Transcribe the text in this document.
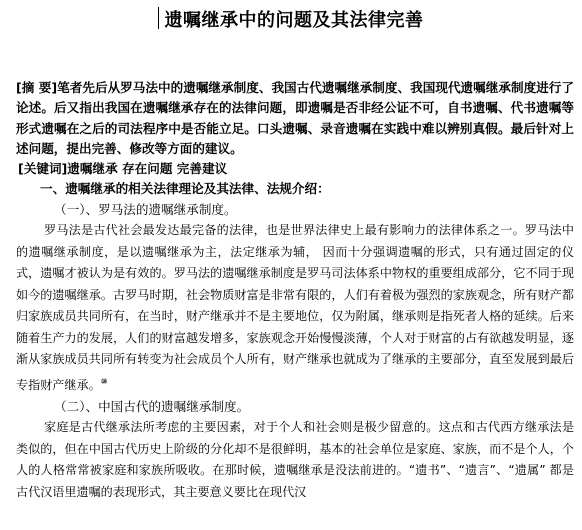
遗嘱继承中的问题及其法律完善

[摘 要]笔者先后从罗马法中的遗嘱继承制度、我国古代遗嘱继承制度、我国现代遗嘱继承制度进行了论述。后又指出我国在遗嘱继承存在的法律问题，即遗嘱是否非经公证不可，自书遗嘱、代书遗嘱等形式遗嘱在之后的司法程序中是否能立足。口头遗嘱、录音遗嘱在实践中难以辨别真假。最后针对上述问题，提出完善、修改等方面的建议。

[关键词]遗嘱继承 存在问题 完善建议

一、遗嘱继承的相关法律理论及其法律、法规介绍：

（一）、罗马法的遗嘱继承制度。

罗马法是古代社会最发达最完备的法律，也是世界法律史上最有影响力的法律体系之一。罗马法中的遗嘱继承制度，是以遗嘱继承为主，法定继承为辅， 因而十分强调遗嘱的形式，只有通过固定的仪式，遗嘱才被认为是有效的。罗马法的遗嘱继承制度是罗马司法体系中物权的重要组成部分，它不同于现如今的遗嘱继承。古罗马时期，社会物质财富是非常有限的，人们有着极为强烈的家族观念，所有财产都归家族成员共同所有，在当时，财产继承并不是主要地位，仅为附属，继承则是指死者人格的延续。后来随着生产力的发展，人们的财富越发增多，家族观念开始慢慢淡薄，个人对于财富的占有欲越发明显，逐渐从家族成员共同所有转变为社会成员个人所有，财产继承也就成为了继承的主要部分，直至发展到最后专指财产继承。⑩

（二）、中国古代的遗嘱继承制度。

家庭是古代继承法所考虑的主要因素，对于个人和社会则是极少留意的。这点和古代西方继承法是类似的，但在中国古代历史上阶级的分化却不是很鲜明，基本的社会单位是家庭、家族，而不是个人，个人的人格常常被家庭和家族所吸收。在那时候，遗嘱继承是没法前进的。“遗书”、“遗言”、“遗属” 都是古代汉语里遗嘱的表现形式，其主要意义要比在现代汉
